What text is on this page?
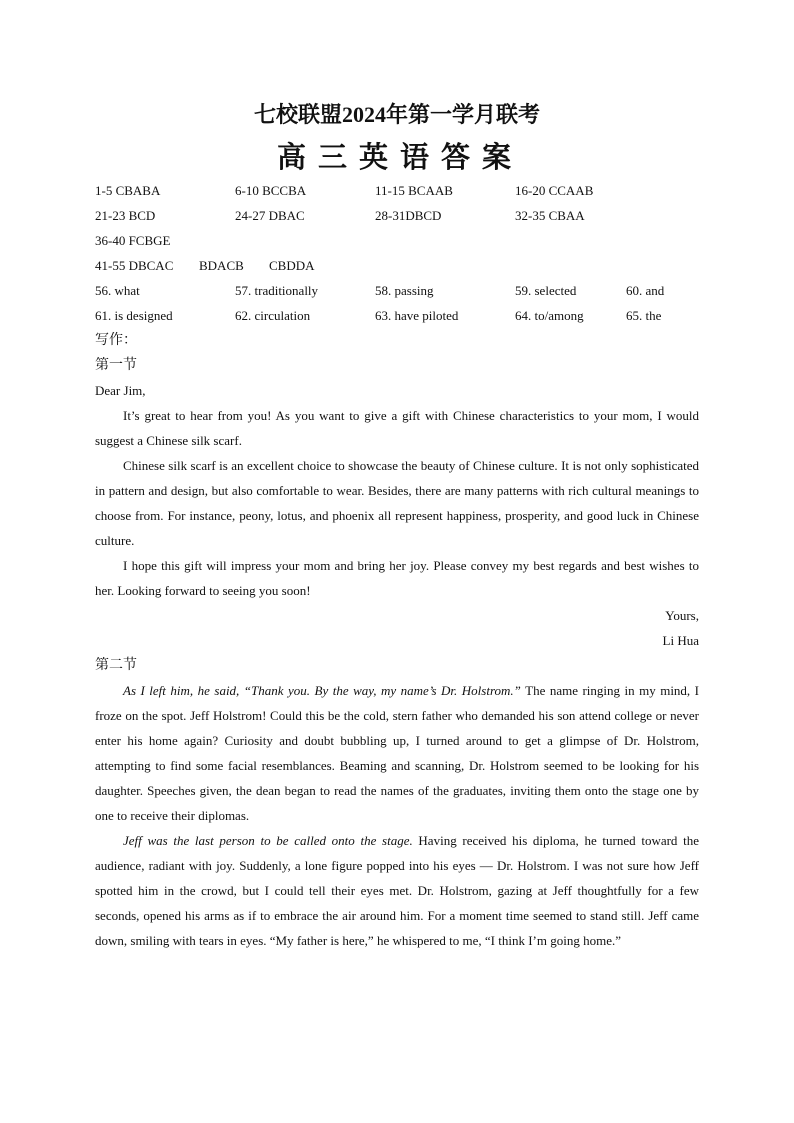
七校联盟2024年第一学月联考
高三英语答案
1-5 CBABA	6-10 BCCBA	11-15 BCAAB	16-20 CCAAB
21-23 BCD	24-27 DBAC	28-31DBCD	32-35 CBAA
36-40 FCBGE
41-55 DBCAC BDACB CBDDA
56. what	57. traditionally	58. passing	59. selected	60. and
61. is designed	62. circulation	63. have piloted	64. to/among	65. the
写作：
第一节

Dear Jim,

It’s great to hear from you! As you want to give a gift with Chinese characteristics to your mom, I would suggest a Chinese silk scarf.

Chinese silk scarf is an excellent choice to showcase the beauty of Chinese culture. It is not only sophisticated in pattern and design, but also comfortable to wear. Besides, there are many patterns with rich cultural meanings to choose from. For instance, peony, lotus, and phoenix all represent happiness, prosperity, and good luck in Chinese culture.

I hope this gift will impress your mom and bring her joy. Please convey my best regards and best wishes to her. Looking forward to seeing you soon!

Yours,

Li Hua

第二节

As I left him, he said, “Thank you. By the way, my name’s Dr. Holstrom.” The name ringing in my mind, I froze on the spot. Jeff Holstrom! Could this be the cold, stern father who demanded his son attend college or never enter his home again? Curiosity and doubt bubbling up, I turned around to get a glimpse of Dr. Holstrom, attempting to find some facial resemblances. Beaming and scanning, Dr. Holstrom seemed to be looking for his daughter. Speeches given, the dean began to read the names of the graduates, inviting them onto the stage one by one to receive their diplomas.

Jeff was the last person to be called onto the stage. Having received his diploma, he turned toward the audience, radiant with joy. Suddenly, a lone figure popped into his eyes — Dr. Holstrom. I was not sure how Jeff spotted him in the crowd, but I could tell their eyes met. Dr. Holstrom, gazing at Jeff thoughtfully for a few seconds, opened his arms as if to embrace the air around him. For a moment time seemed to stand still. Jeff came down, smiling with tears in eyes. “My father is here,” he whispered to me, “I think I’m going home.”
